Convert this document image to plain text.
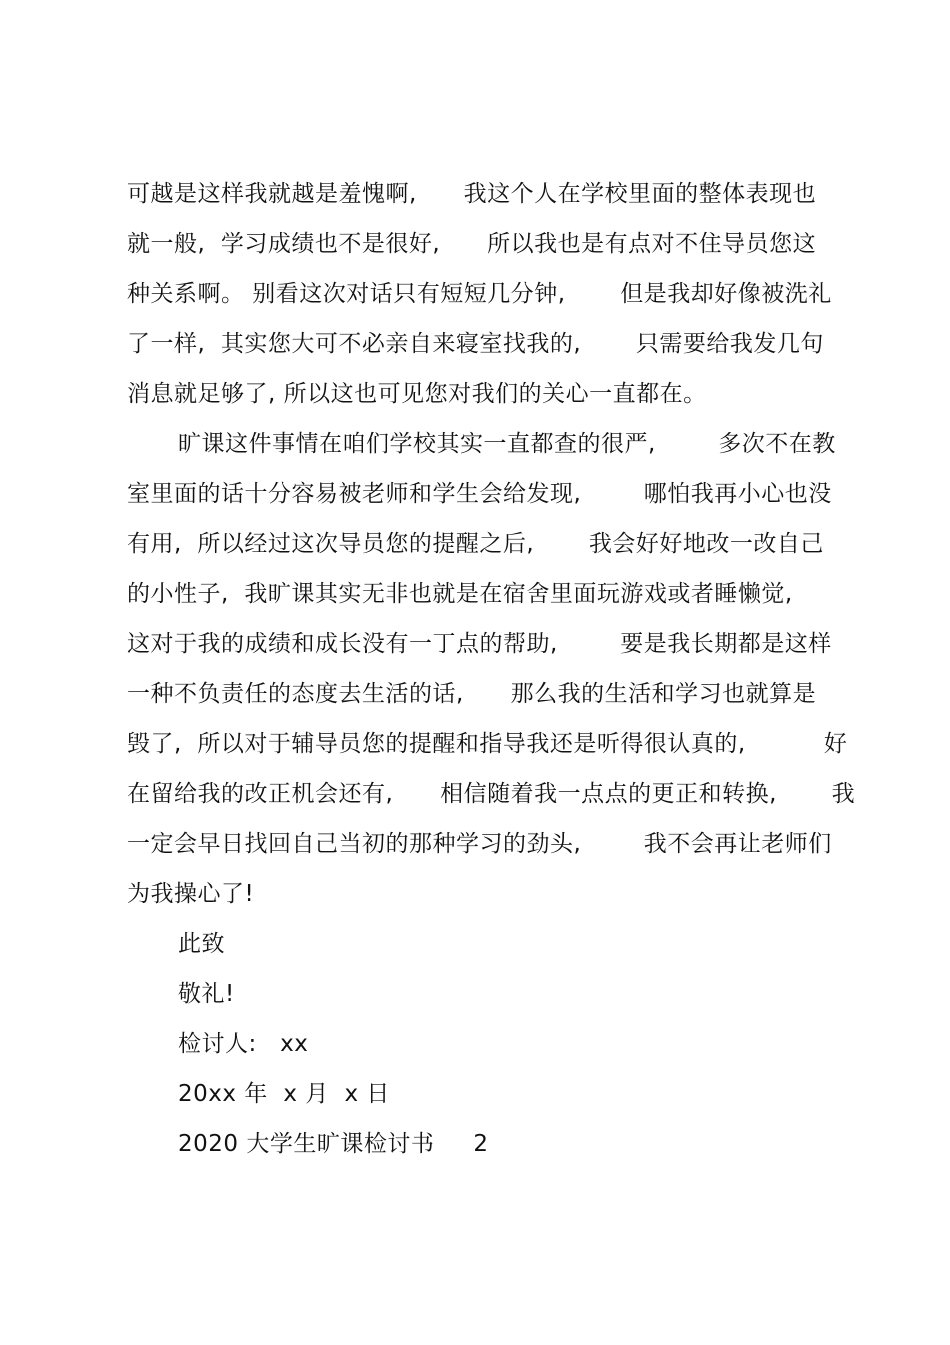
可越是这样我就越是羞愧啊,      我这个人在学校里面的整体表现也
就一般,  学习成绩也不是很好,      所以我也是有点对不住导员您这
种关系啊。 别看这次对话只有短短几分钟,       但是我却好像被洗礼
了一样,  其实您大可不必亲自来寝室找我的,       只需要给我发几句
消息就足够了, 所以这也可见您对我们的关心一直都在。
旷课这件事情在咱们学校其实一直都查的很严,        多次不在教
室里面的话十分容易被老师和学生会给发现,        哪怕我再小心也没
有用,  所以经过这次导员您的提醒之后,       我会好好地改一改自己
的小性子,  我旷课其实无非也就是在宿舍里面玩游戏或者睡懒觉,
这对于我的成绩和成长没有一丁点的帮助,        要是我长期都是这样
一种不负责任的态度去生活的话,      那么我的生活和学习也就算是
毁了,  所以对于辅导员您的提醒和指导我还是听得很认真的,          好
在留给我的改正机会还有,      相信随着我一点点的更正和转换,       我
一定会早日找回自己当初的那种学习的劲头,        我不会再让老师们
为我操心了!
此致
敬礼!
检讨人:   xx
20xx 年  x 月  x 日
2020 大学生旷课检讨书     2
